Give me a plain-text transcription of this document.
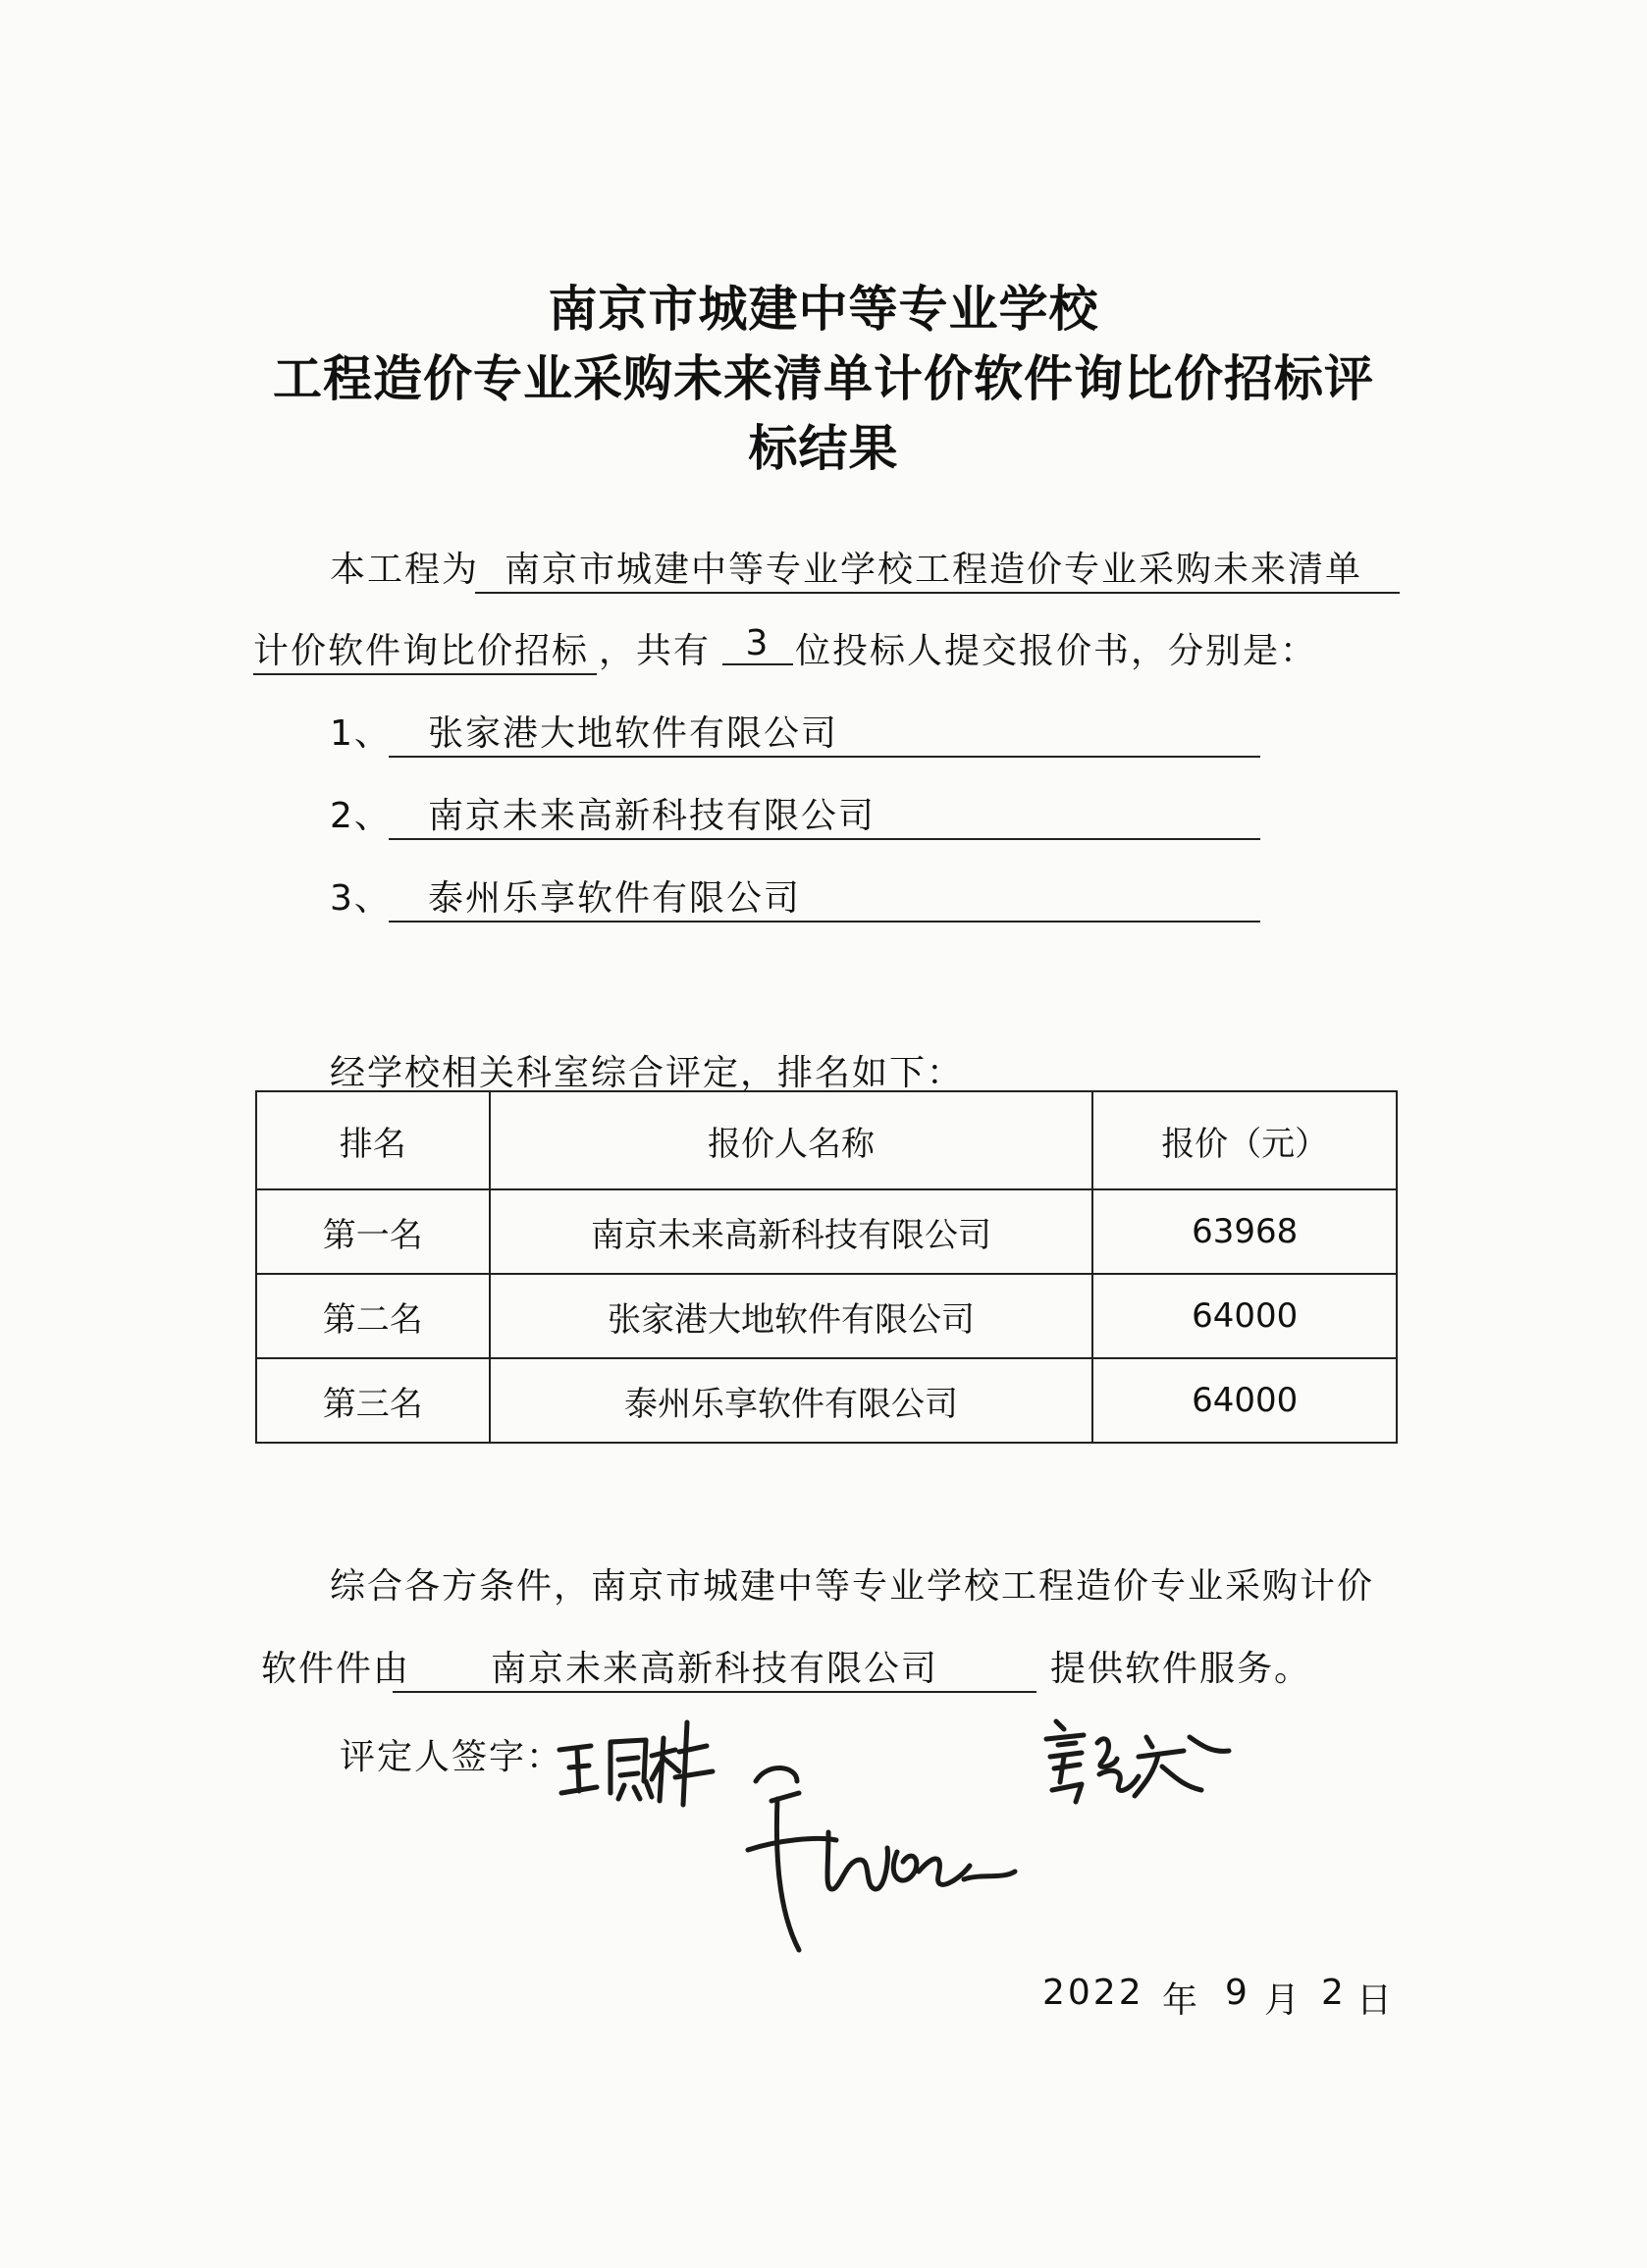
南京市城建中等专业学校
工程造价专业采购未来清单计价软件询比价招标评
标结果
本工程为 南京市城建中等专业学校工程造价专业采购未来清单
计价软件询比价招标 ，共有 3 位投标人提交报价书，分别是：
1、	张家港大地软件有限公司
2、	南京未来高新科技有限公司
3、	泰州乐享软件有限公司
经学校相关科室综合评定，排名如下：
排名	报价人名称	报价（元）
第一名	南京未来高新科技有限公司	63968
第二名	张家港大地软件有限公司	64000
第三名	泰州乐享软件有限公司	64000
综合各方条件，南京市城建中等专业学校工程造价专业采购计价
软件件由	南京未来高新科技有限公司	提供软件服务。
评定人签字：
2022 年 9 月 2 日
